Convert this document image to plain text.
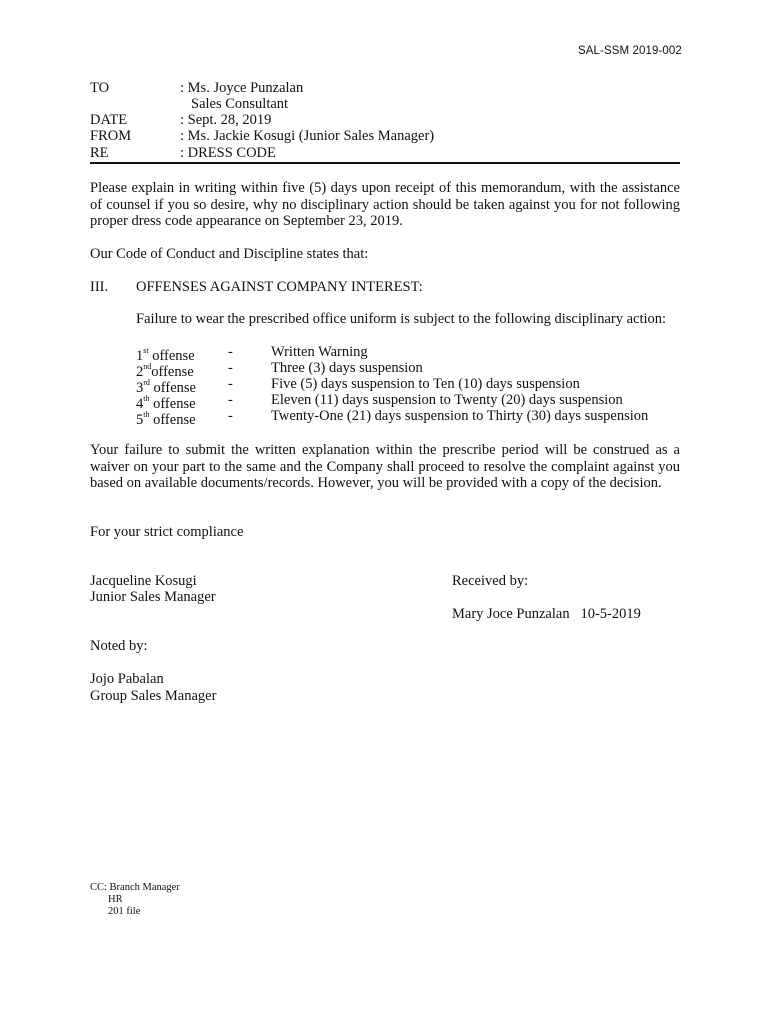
SAL-SSM 2019-002
TO	: Ms. Joyce Punzalan
Sales Consultant
DATE	: Sept. 28, 2019
FROM	: Ms. Jackie Kosugi (Junior Sales Manager)
RE	: DRESS CODE

Please explain in writing within five (5) days upon receipt of this memorandum, with the assistance of counsel if you so desire, why no disciplinary action should be taken against you for not following proper dress code appearance on September 23, 2019.

Our Code of Conduct and Discipline states that:

III. OFFENSES AGAINST COMPANY INTEREST:
Failure to wear the prescribed office uniform is subject to the following disciplinary action:
1st offense -	Written Warning
2ndoffense -	Three (3) days suspension
3rd offense -	Five (5) days suspension to Ten (10) days suspension
4th offense -	Eleven (11) days suspension to Twenty (20) days suspension
5th offense -	Twenty-One (21) days suspension to Thirty (30) days suspension

Your failure to submit the written explanation within the prescribe period will be construed as a waiver on your part to the same and the Company shall proceed to resolve the complaint against you based on available documents/records. However, you will be provided with a copy of the decision.

For your strict compliance
Jacqueline Kosugi
Junior Sales Manager
Received by:
Mary Joce Punzalan   10-5-2019
Noted by:
Jojo Pabalan
Group Sales Manager
CC: Branch Manager
HR
201 file
